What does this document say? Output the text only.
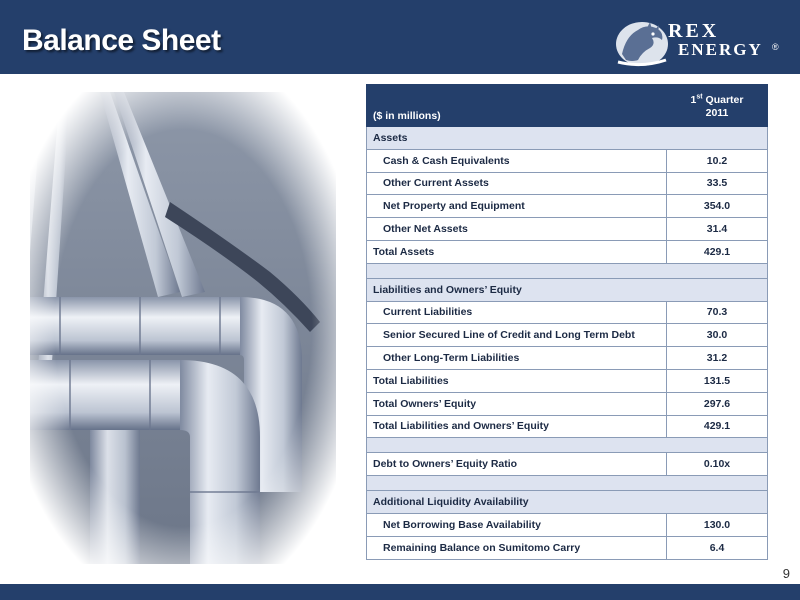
Balance Sheet	REX
ENERGY ®
($ in millions)	1st Quarter
2011
Assets	
Cash & Cash Equivalents	10.2
Other Current Assets	33.5
Net Property and Equipment	354.0
Other Net Assets	31.4
Total Assets	429.1

Liabilities and Owners’ Equity	
Current Liabilities	70.3
Senior Secured Line of Credit and Long Term Debt	30.0
Other Long-Term Liabilities	31.2
Total Liabilities	131.5
Total Owners’ Equity	297.6
Total Liabilities and Owners’ Equity	429.1

Debt to Owners’ Equity Ratio	0.10x

Additional Liquidity Availability	
Net Borrowing Base Availability	130.0
Remaining Balance on Sumitomo Carry	6.4
9
